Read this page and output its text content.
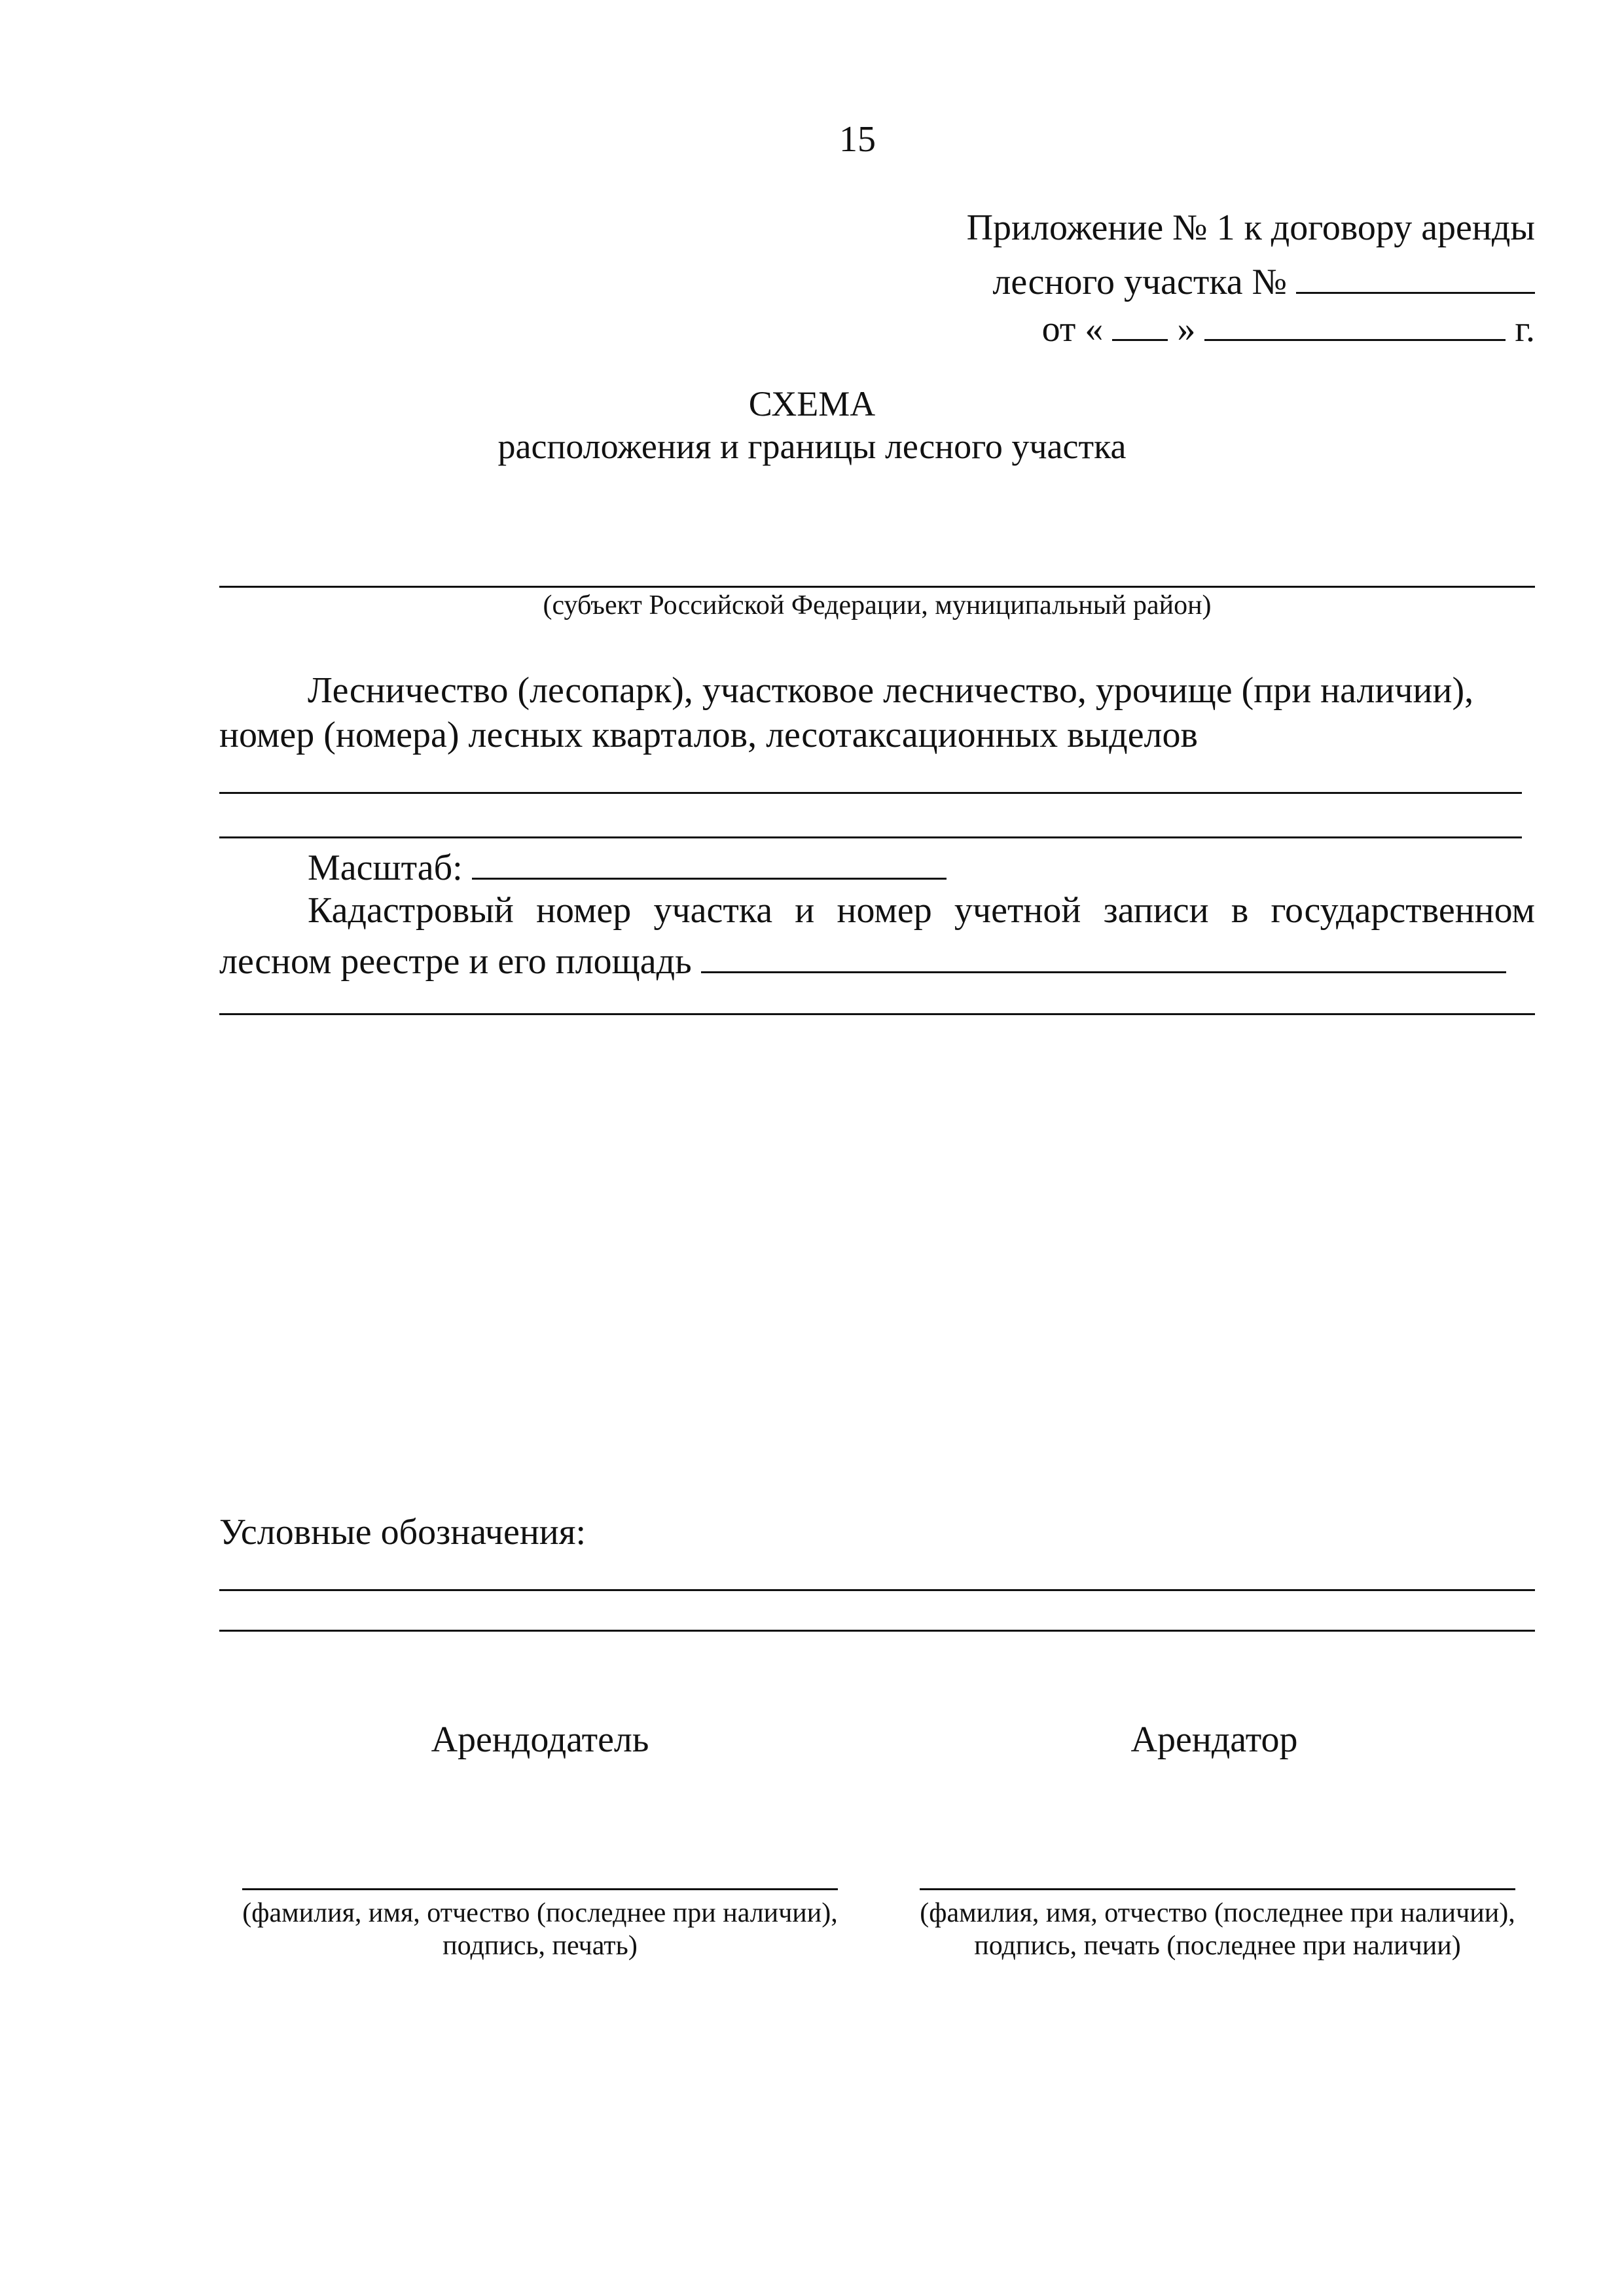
15
Приложение № 1 к договору аренды
лесного участка №
от « »	г.
СХЕМА
расположения и границы лесного участка
(субъект Российской Федерации, муниципальный район)
Лесничество (лесопарк), участковое лесничество, урочище (при наличии),
номер (номера) лесных кварталов, лесотаксационных выделов
Масштаб:
Кадастровый номер участка и номер учетной записи в государственном
лесном реестре и его площадь
Условные обозначения:
Арендодатель	Арендатор
(фамилия, имя, отчество (последнее при наличии),
подпись, печать)
(фамилия, имя, отчество (последнее при наличии),
подпись, печать (последнее при наличии)
